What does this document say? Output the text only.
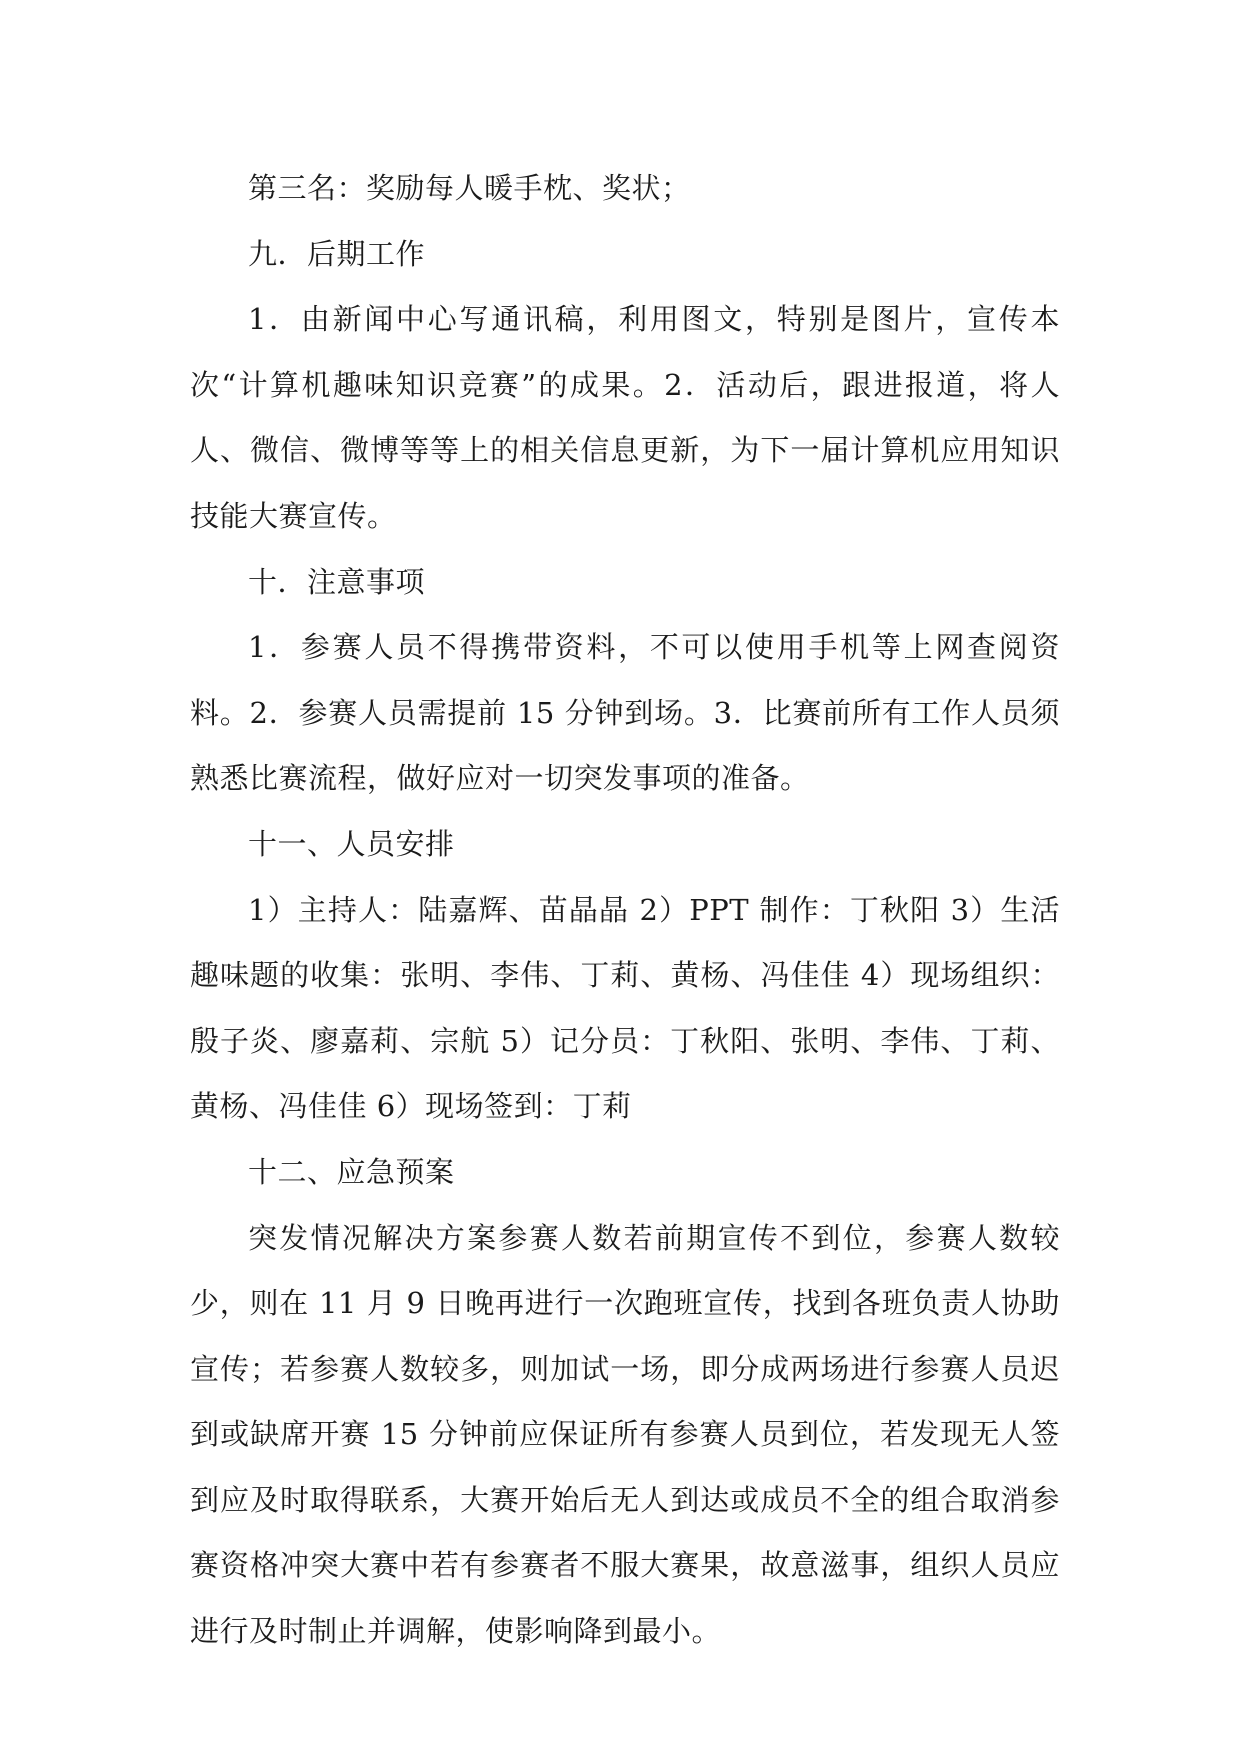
第三名：奖励每人暖手枕、奖状；

九．后期工作

1．由新闻中心写通讯稿，利用图文，特别是图片，宣传本次“计算机趣味知识竞赛”的成果。2．活动后，跟进报道，将人人、微信、微博等等上的相关信息更新，为下一届计算机应用知识技能大赛宣传。

十．注意事项

1．参赛人员不得携带资料，不可以使用手机等上网查阅资料。2．参赛人员需提前 15 分钟到场。3．比赛前所有工作人员须熟悉比赛流程，做好应对一切突发事项的准备。

十一、人员安排

1）主持人：陆嘉辉、苗晶晶 2）PPT 制作：丁秋阳 3）生活趣味题的收集：张明、李伟、丁莉、黄杨、冯佳佳 4）现场组织：殷子炎、廖嘉莉、宗航 5）记分员：丁秋阳、张明、李伟、丁莉、黄杨、冯佳佳 6）现场签到：丁莉

十二、应急预案

突发情况解决方案参赛人数若前期宣传不到位，参赛人数较少，则在 11 月 9 日晚再进行一次跑班宣传，找到各班负责人协助宣传；若参赛人数较多，则加试一场，即分成两场进行参赛人员迟到或缺席开赛 15 分钟前应保证所有参赛人员到位，若发现无人签到应及时取得联系，大赛开始后无人到达或成员不全的组合取消参赛资格冲突大赛中若有参赛者不服大赛果，故意滋事，组织人员应进行及时制止并调解，使影响降到最小。
